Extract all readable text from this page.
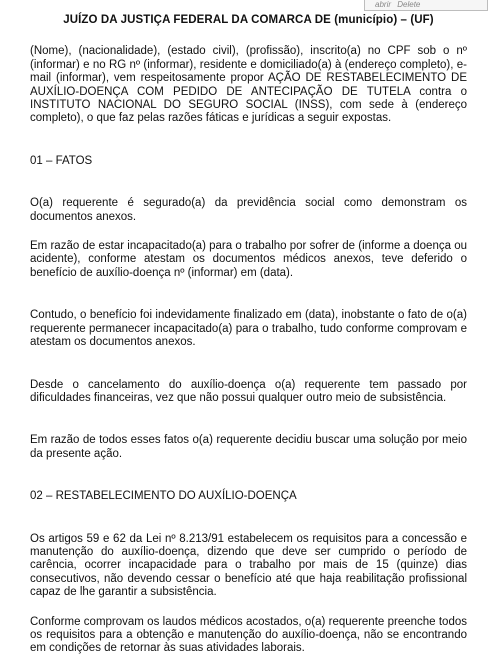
abrir Delete
JUÍZO DA JUSTIÇA FEDERAL DA COMARCA DE (município) – (UF)

(Nome), (nacionalidade), (estado civil), (profissão), inscrito(a) no CPF sob o nº (informar) e no RG nº (informar), residente e domiciliado(a) à (endereço completo), e-mail (informar), vem respeitosamente propor AÇÃO DE RESTABELECIMENTO DE AUXÍLIO-DOENÇA COM PEDIDO DE ANTECIPAÇÃO DE TUTELA contra o INSTITUTO NACIONAL DO SEGURO SOCIAL (INSS), com sede à (endereço completo), o que faz pelas razões fáticas e jurídicas a seguir expostas.

01 – FATOS

O(a) requerente é segurado(a) da previdência social como demonstram os documentos anexos.

Em razão de estar incapacitado(a) para o trabalho por sofrer de (informe a doença ou acidente), conforme atestam os documentos médicos anexos, teve deferido o benefício de auxílio-doença nº (informar) em (data).

Contudo, o benefício foi indevidamente finalizado em (data), inobstante o fato de o(a) requerente permanecer incapacitado(a) para o trabalho, tudo conforme comprovam e atestam os documentos anexos.

Desde o cancelamento do auxílio-doença o(a) requerente tem passado por dificuldades financeiras, vez que não possui qualquer outro meio de subsistência.

Em razão de todos esses fatos o(a) requerente decidiu buscar uma solução por meio da presente ação.

02 – RESTABELECIMENTO DO AUXÍLIO-DOENÇA

Os artigos 59 e 62 da Lei nº 8.213/91 estabelecem os requisitos para a concessão e manutenção do auxílio-doença, dizendo que deve ser cumprido o período de carência, ocorrer incapacidade para o trabalho por mais de 15 (quinze) dias consecutivos, não devendo cessar o benefício até que haja reabilitação profissional capaz de lhe garantir a subsistência.

Conforme comprovam os laudos médicos acostados, o(a) requerente preenche todos os requisitos para a obtenção e manutenção do auxílio-doença, não se encontrando em condições de retornar às suas atividades laborais.
